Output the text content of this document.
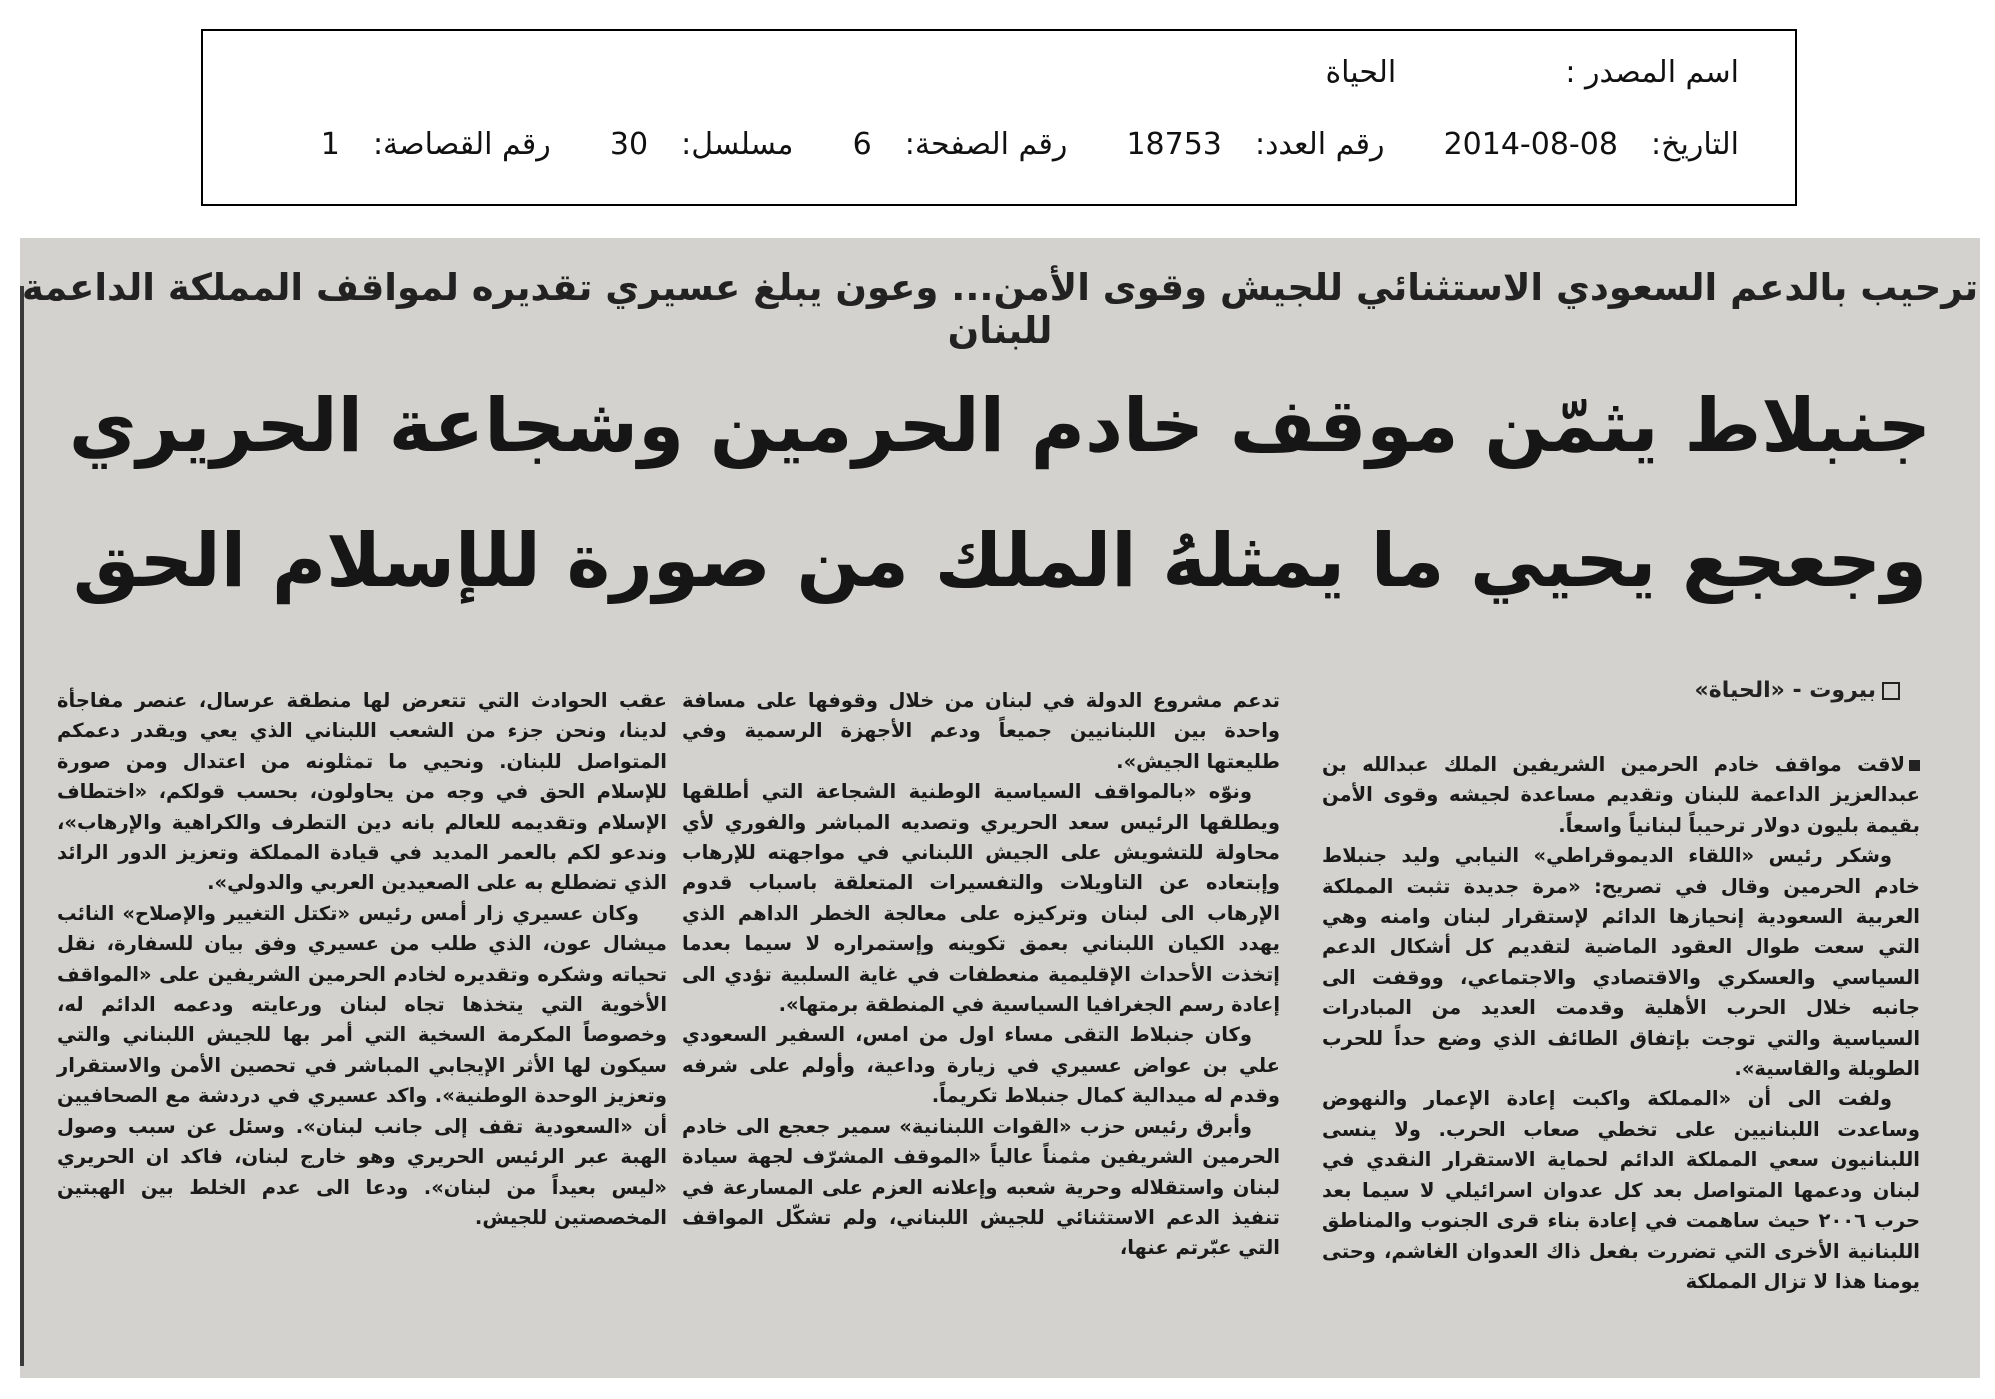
اسم المصدر :  الحياة
التاريخ:  2014-08-08  رقم العدد:  18753  رقم الصفحة:  6  مسلسل:  30  رقم القصاصة:  1
ترحيب بالدعم السعودي الاستثنائي للجيش وقوى الأمن... وعون يبلغ عسيري تقديره لمواقف المملكة الداعمة للبنان
جنبلاط يثمّن موقف خادم الحرمين وشجاعة الحريري
وجعجع يحيي ما يمثلهُ الملك من صورة للإسلام الحق
بيروت - «الحياة»

لاقت مواقف خادم الحرمين الشريفين الملك عبدالله بن عبدالعزيز الداعمة للبنان وتقديم مساعدة لجيشه وقوى الأمن بقيمة بليون دولار ترحيباً لبنانياً واسعاً.

وشكر رئيس «اللقاء الديموقراطي» النيابي وليد جنبلاط خادم الحرمين وقال في تصريح: «مرة جديدة تثبت المملكة العربية السعودية إنحيازها الدائم لإستقرار لبنان وامنه وهي التي سعت طوال العقود الماضية لتقديم كل أشكال الدعم السياسي والعسكري والاقتصادي والاجتماعي، ووقفت الى جانبه خلال الحرب الأهلية وقدمت العديد من المبادرات السياسية والتي توجت بإتفاق الطائف الذي وضع حداً للحرب الطويلة والقاسية».

ولفت الى أن «المملكة واكبت إعادة الإعمار والنهوض وساعدت اللبنانيين على تخطي صعاب الحرب. ولا ينسى اللبنانيون سعي المملكة الدائم لحماية الاستقرار النقدي في لبنان ودعمها المتواصل بعد كل عدوان اسرائيلي لا سيما بعد حرب ٢٠٠٦ حيث ساهمت في إعادة بناء قرى الجنوب والمناطق اللبنانية الأخرى التي تضررت بفعل ذاك العدوان الغاشم، وحتى يومنا هذا لا تزال المملكة

تدعم مشروع الدولة في لبنان من خلال وقوفها على مسافة واحدة بين اللبنانيين جميعاً ودعم الأجهزة الرسمية وفي طليعتها الجيش».

ونوّه «بالمواقف السياسية الوطنية الشجاعة التي أطلقها ويطلقها الرئيس سعد الحريري وتصديه المباشر والفوري لأي محاولة للتشويش على الجيش اللبناني في مواجهته للإرهاب وإبتعاده عن التاويلات والتفسيرات المتعلقة باسباب قدوم الإرهاب الى لبنان وتركيزه على معالجة الخطر الداهم الذي يهدد الكيان اللبناني بعمق تكوينه وإستمراره لا سيما بعدما إتخذت الأحداث الإقليمية منعطفات في غاية السلبية تؤدي الى إعادة رسم الجغرافيا السياسية في المنطقة برمتها».

وكان جنبلاط التقى مساء اول من امس، السفير السعودي علي بن عواض عسيري في زيارة وداعية، وأولم على شرفه وقدم له ميدالية كمال جنبلاط تكريماً.

وأبرق رئيس حزب «القوات اللبنانية» سمير جعجع الى خادم الحرمين الشريفين مثمناً عالياً «الموقف المشرّف لجهة سيادة لبنان واستقلاله وحرية شعبه وإعلانه العزم على المسارعة في تنفيذ الدعم الاستثنائي للجيش اللبناني، ولم تشكّل المواقف التي عبّرتم عنها،

عقب الحوادث التي تتعرض لها منطقة عرسال، عنصر مفاجأة لدينا، ونحن جزء من الشعب اللبناني الذي يعي ويقدر دعمكم المتواصل للبنان. ونحيي ما تمثلونه من اعتدال ومن صورة للإسلام الحق في وجه من يحاولون، بحسب قولكم، «اختطاف الإسلام وتقديمه للعالم بانه دين التطرف والكراهية والإرهاب»، وندعو لكم بالعمر المديد في قيادة المملكة وتعزيز الدور الرائد الذي تضطلع به على الصعيدين العربي والدولي».

وكان عسيري زار أمس رئيس «تكتل التغيير والإصلاح» النائب ميشال عون، الذي طلب من عسيري وفق بيان للسفارة، نقل تحياته وشكره وتقديره لخادم الحرمين الشريفين على «المواقف الأخوية التي يتخذها تجاه لبنان ورعايته ودعمه الدائم له، وخصوصاً المكرمة السخية التي أمر بها للجيش اللبناني والتي سيكون لها الأثر الإيجابي المباشر في تحصين الأمن والاستقرار وتعزيز الوحدة الوطنية». واكد عسيري في دردشة مع الصحافيين أن «السعودية تقف إلى جانب لبنان». وسئل عن سبب وصول الهبة عبر الرئيس الحريري وهو خارج لبنان، فاكد ان الحريري «ليس بعيداً من لبنان». ودعا الى عدم الخلط بين الهبتين المخصصتين للجيش.
